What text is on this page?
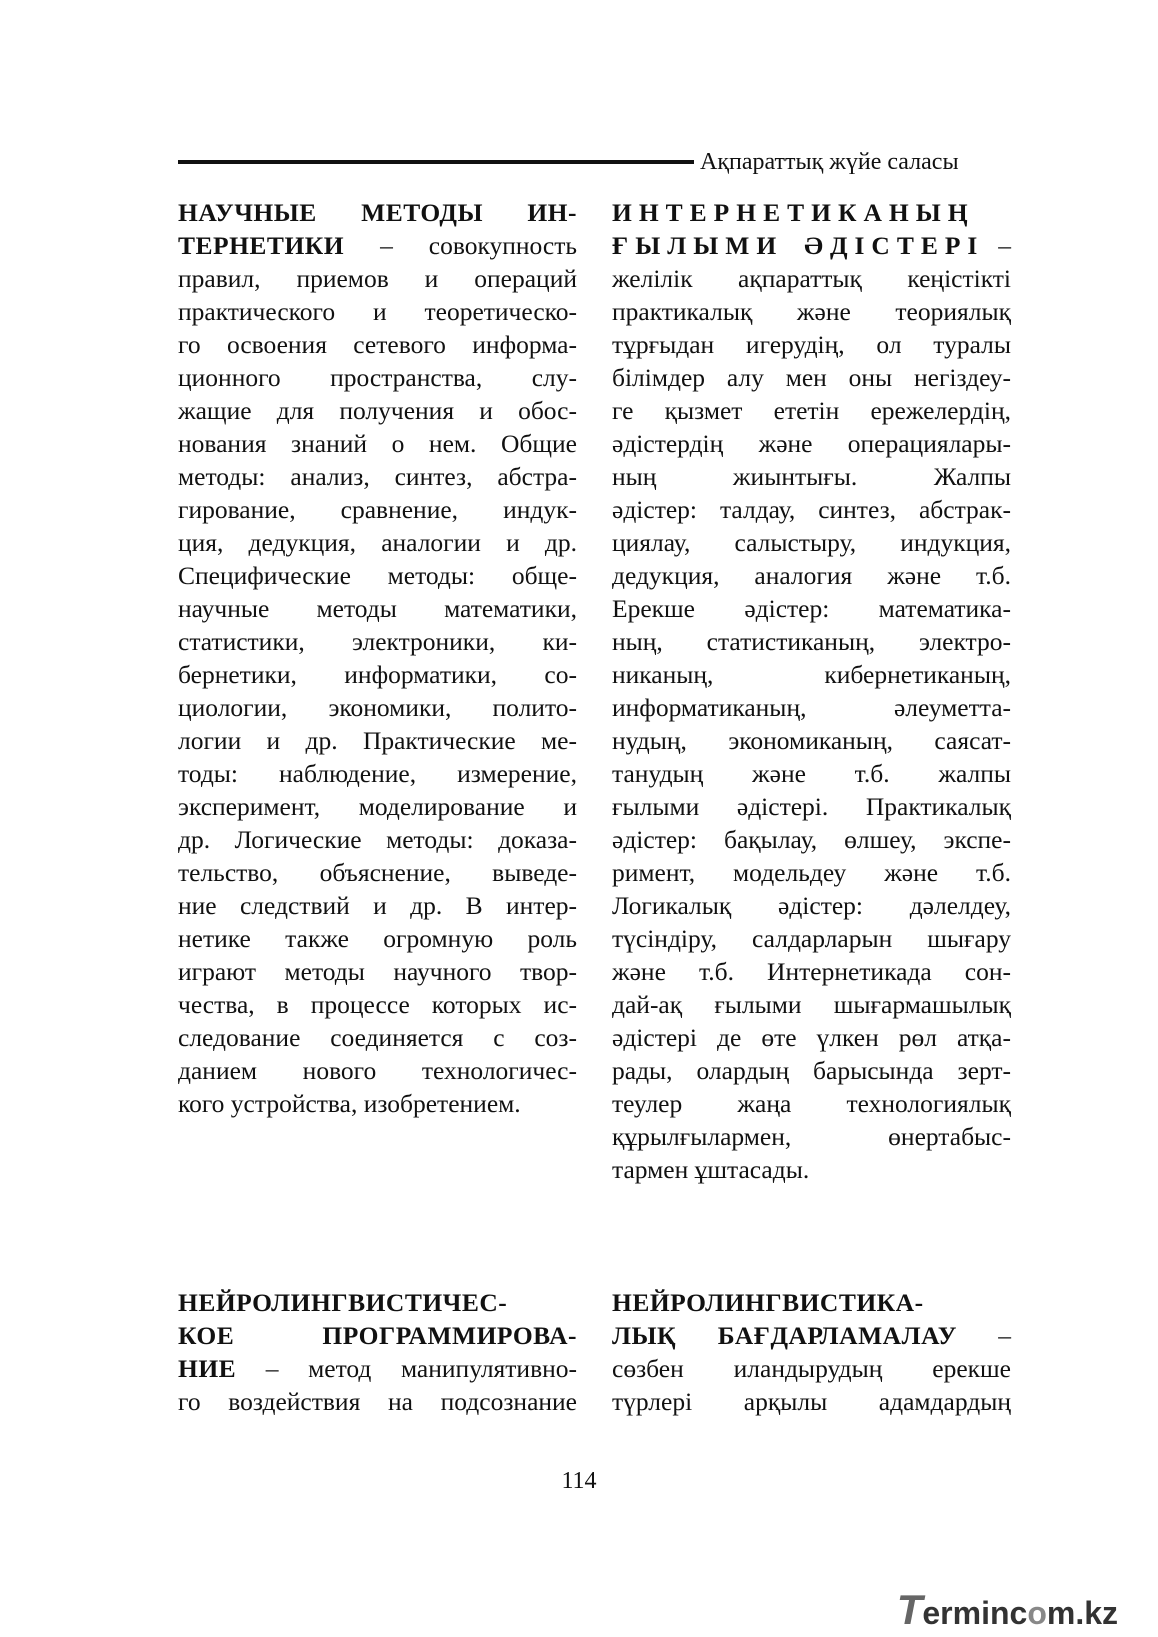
Ақпараттық жүйе саласы
НАУЧНЫЕ МЕТОДЫ ИН-
ТЕРНЕТИКИ – совокупность
правил, приемов и операций
практического и теоретическо-
го освоения сетевого информа-
ционного пространства, слу-
жащие для получения и обос-
нования знаний о нем. Общие
методы: анализ, синтез, абстра-
гирование, сравнение, индук-
ция, дедукция, аналогии и др.
Специфические методы: обще-
научные методы математики,
статистики, электроники, ки-
бернетики, информатики, со-
циологии, экономики, полито-
логии и др. Практические ме-
тоды: наблюдение, измерение,
эксперимент, моделирование и
др. Логические методы: доказа-
тельство, объяснение, выведе-
ние следствий и др. В интер-
нетике также огромную роль
играют методы научного твор-
чества, в процессе которых ис-
следование соединяется с соз-
данием нового технологичес-
кого устройства, изобретением.
ИНТЕРНЕТИКАНЫҢ
ҒЫЛЫМИ ӘДІСТЕРІ –
желілік ақпараттық кеңістікті
практикалық және теориялық
тұрғыдан игерудің, ол туралы
білімдер алу мен оны негіздеу-
ге қызмет ететін ережелердің,
әдістердің және операциялары-
ның жиынтығы. Жалпы
әдістер: талдау, синтез, абстрак-
циялау, салыстыру, индукция,
дедукция, аналогия және т.б.
Ерекше әдістер: математика-
ның, статистиканың, электро-
никаның, кибернетиканың,
информатиканың, әлеуметта-
нудың, экономиканың, саясат-
танудың және т.б. жалпы
ғылыми әдістері. Практикалық
әдістер: бақылау, өлшеу, экспе-
римент, модельдеу және т.б.
Логикалық әдістер: дәлелдеу,
түсіндіру, салдарларын шығару
және т.б. Интернетикада сон-
дай-ақ ғылыми шығармашылық
әдістері де өте үлкен рөл атқа-
рады, олардың барысында зерт-
теулер жаңа технологиялық
құрылғылармен, өнертабыс-
тармен ұштасады.
НЕЙРОЛИНГВИСТИЧЕС-
КОЕ ПРОГРАММИРОВА-
НИЕ – метод манипулятивно-
го воздействия на подсознание
НЕЙРОЛИНГВИСТИКА-
ЛЫҚ БАҒДАРЛАМАЛАУ –
сөзбен иландырудың ерекше
түрлері арқылы адамдардың
114
Termincom.kz
